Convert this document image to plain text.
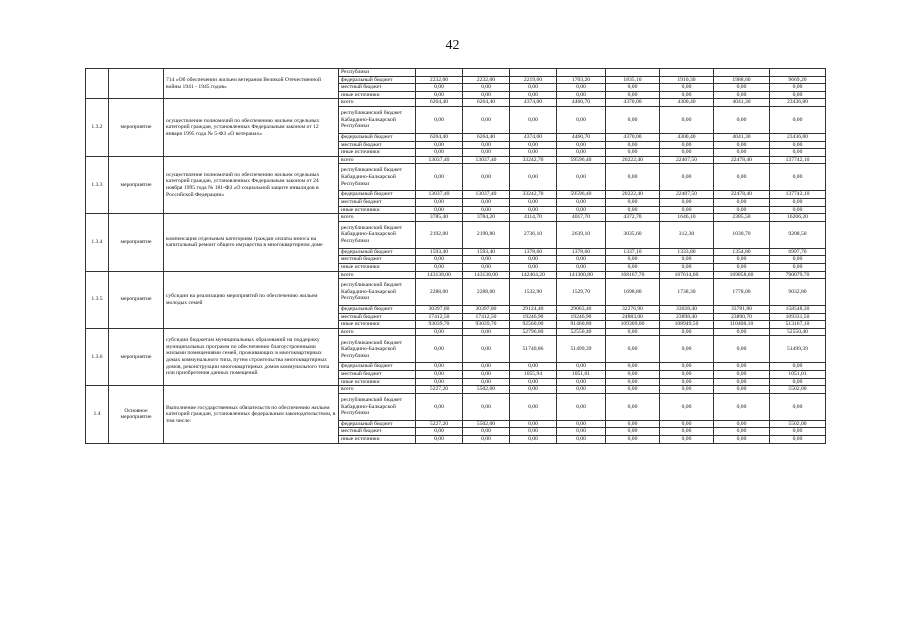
42
		714 «Об обеспечении жильем ветеранов Великой Отечественной войны 1941 - 1945 годов»	Республики								
			федеральный бюджет	2232,00	2232,00	2219,60	1703,20	1835,10	1910,30	1988,60	9669,20
			местный бюджет	0,00	0,00	0,00	0,00	0,00	0,00	0,00	0,00
			иные источники	0,00	0,00	0,00	0,00	0,00	0,00	0,00	0,00
1.3.2	мероприятие	осуществление полномочий по обеспечению жильем отдельных категорий граждан, установленных Федеральным законом от 12 января 1995 года № 5-ФЗ «О ветеранах»	всего	6264,40	6264,40	4374,00	4460,70	4370,00	4300,40	4041,30	23436,80
			республиканский бюджет Кабардино-Балкарской Республики	0,00	0,00	0,00	0,00	0,00	0,00	0,00	0,00
			федеральный бюджет	6264,40	6264,40	4374,00	4460,70	4370,00	4300,40	4041,30	23436,80
			местный бюджет	0,00	0,00	0,00	0,00	0,00	0,00	0,00	0,00
			иные источники	0,00	0,00	0,00	0,00	0,00	0,00	0,00	0,00
1.3.3	мероприятие	осуществление полномочий по обеспечению жильем отдельных категорий граждан, установленных Федеральным законом от 24 ноября 1995 года № 181-ФЗ «О социальной защите инвалидов в Российской Федерации»	всего	13037,40	13037,40	33242,70	59596,40	20222,40	22407,50	22478,40	137742,10
			республиканский бюджет Кабардино-Балкарской Республики	0,00	0,00	0,00	0,00	0,00	0,00	0,00	0,00
			федеральный бюджет	13037,40	13037,40	33242,70	59596,40	20222,40	22407,50	22478,40	137742,10
			местный бюджет	0,00	0,00	0,00	0,00	0,00	0,00	0,00	0,00
			иные источники	0,00	0,00	0,00	0,00	0,00	0,00	0,00	0,00
1.3.4	мероприятие	компенсация отдельным категориям граждан оплаты взноса на капитальный ремонт общего имущества в многоквартирном доме	всего	3785,40	3784,20	4114,70	4017,70	4372,70	1646,10	2385,50	16206,20
			республиканский бюджет Кабардино-Балкарской Республики	2192,00	2190,80	2736,10	2639,10	3035,60	312,30	1030,70	9208,50
			федеральный бюджет	1593,40	1593,40	1378,60	1378,60	1337,10	1333,80	1354,80	6997,70
			местный бюджет	0,00	0,00	0,00	0,00	0,00	0,00	0,00	0,00
			иные источники	0,00	0,00	0,00	0,00	0,00	0,00	0,00	0,00
1.3.5	мероприятие	субсидии на реализацию мероприятий по обеспечению жильем молодых семей	всего	143138,00	143138,00	142464,20	141300,80	168167,70	167614,60	169858,60	790079,70
			республиканский бюджет Кабардино-Балкарской Республики	2288,00	2288,00	1532,90	1529,70	1698,80	1738,30	1778,00	9032,80
			федеральный бюджет	30397,80	30397,80	29124,40	29063,40	32276,90	33028,40	33781,80	158548,30
			местный бюджет	17412,50	17412,50	19246,90	19246,90	24883,00	23898,40	23890,70	109331,50
			иные источники	93039,70	93039,70	92560,00	91460,80	109309,00	108949,50	110408,10	513167,10
1.3.6	мероприятие	субсидии бюджетам муниципальных образований на поддержку муниципальных программ по обеспечению благоустроенными жилыми помещениями семей, проживающих в многоквартирных домах коммунального типа, путем строительства многоквартирных домов, реконструкции многоквартирных домов коммунального типа или приобретения данных помещений	всего	0,00	0,00	52796,80	52550,40	0,00	0,00	0,00	52550,40
			республиканский бюджет Кабардино-Балкарской Республики	0,00	0,00	51740,86	51499,39	0,00	0,00	0,00	51499,39
			федеральный бюджет	0,00	0,00	0,00	0,00	0,00	0,00	0,00	0,00
			местный бюджет	0,00	0,00	1055,94	1051,01	0,00	0,00	0,00	1051,01
			иные источники	0,00	0,00	0,00	0,00	0,00	0,00	0,00	0,00
1.4	Основное мероприятие	Выполнение государственных обязательств по обеспечению жильем категорий граждан, установленных федеральным законодательством, в том числе:	всего	5227,20	5502,00	0,00	0,00	0,00	0,00	0,00	5502,00
			республиканский бюджет Кабардино-Балкарской Республики	0,00	0,00	0,00	0,00	0,00	0,00	0,00	0,00
			федеральный бюджет	5227,20	5502,00	0,00	0,00	0,00	0,00	0,00	5502,00
			местный бюджет	0,00	0,00	0,00	0,00	0,00	0,00	0,00	0,00
			иные источники	0,00	0,00	0,00	0,00	0,00	0,00	0,00	0,00
